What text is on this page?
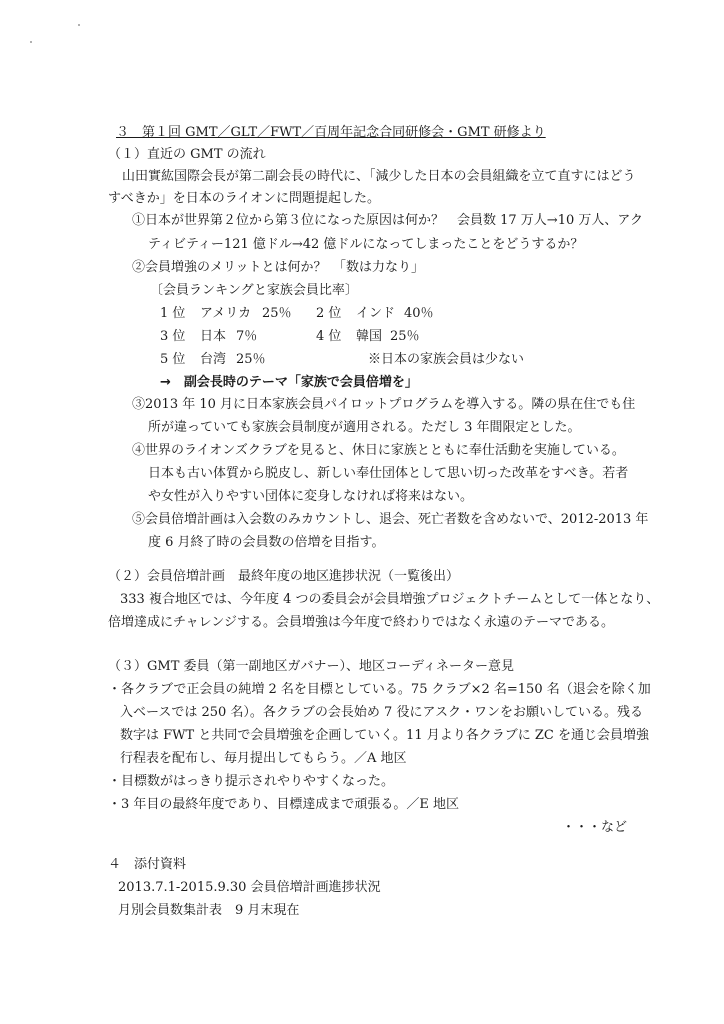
３　第１回 GMT／GLT／FWT／百周年記念合同研修会・GMT 研修より
（１）直近の GMT の流れ
山田實紘国際会長が第二副会長の時代に、「減少した日本の会員組織を立て直すにはどう
すべきか」を日本のライオンに問題提起した。
①日本が世界第２位から第３位になった原因は何か？　会員数 17 万人→10 万人、アク
ティビティー121 億ドル→42 億ドルになってしまったことをどうするか？
②会員増強のメリットとは何か？　「数は力なり」
〔会員ランキングと家族会員比率〕
1 位 アメリカ 25％ 2 位 インド 40％
3 位 日本 7％	4 位 韓国 25％
5 位 台湾 25％	※日本の家族会員は少ない
→　副会長時のテーマ「家族で会員倍増を」
③2013 年 10 月に日本家族会員パイロットプログラムを導入する。隣の県在住でも住
所が違っていても家族会員制度が適用される。ただし 3 年間限定とした。
④世界のライオンズクラブを見ると、休日に家族とともに奉仕活動を実施している。
日本も古い体質から脱皮し、新しい奉仕団体として思い切った改革をすべき。若者
や女性が入りやすい団体に変身しなければ将来はない。
⑤会員倍増計画は入会数のみカウントし、退会、死亡者数を含めないで、2012-2013 年
度 6 月終了時の会員数の倍増を目指す。
（２）会員倍増計画　最終年度の地区進捗状況（一覧後出）
333 複合地区では、今年度 4 つの委員会が会員増強プロジェクトチームとして一体となり、
倍増達成にチャレンジする。会員増強は今年度で終わりではなく永遠のテーマである。
（３）GMT 委員（第一副地区ガバナー）、地区コーディネーター意見
・各クラブで正会員の純増 2 名を目標としている。75 クラブ×2 名=150 名（退会を除く加
入ベースでは 250 名）。各クラブの会長始め 7 役にアスク・ワンをお願いしている。残る
数字は FWT と共同で会員増強を企画していく。11 月より各クラブに ZC を通じ会員増強
行程表を配布し、毎月提出してもらう。／A 地区
・目標数がはっきり提示されやりやすくなった。
・3 年目の最終年度であり、目標達成まで頑張る。／E 地区
・・・など
４　添付資料
2013.7.1-2015.9.30 会員倍増計画進捗状況
月別会員数集計表　9 月末現在
